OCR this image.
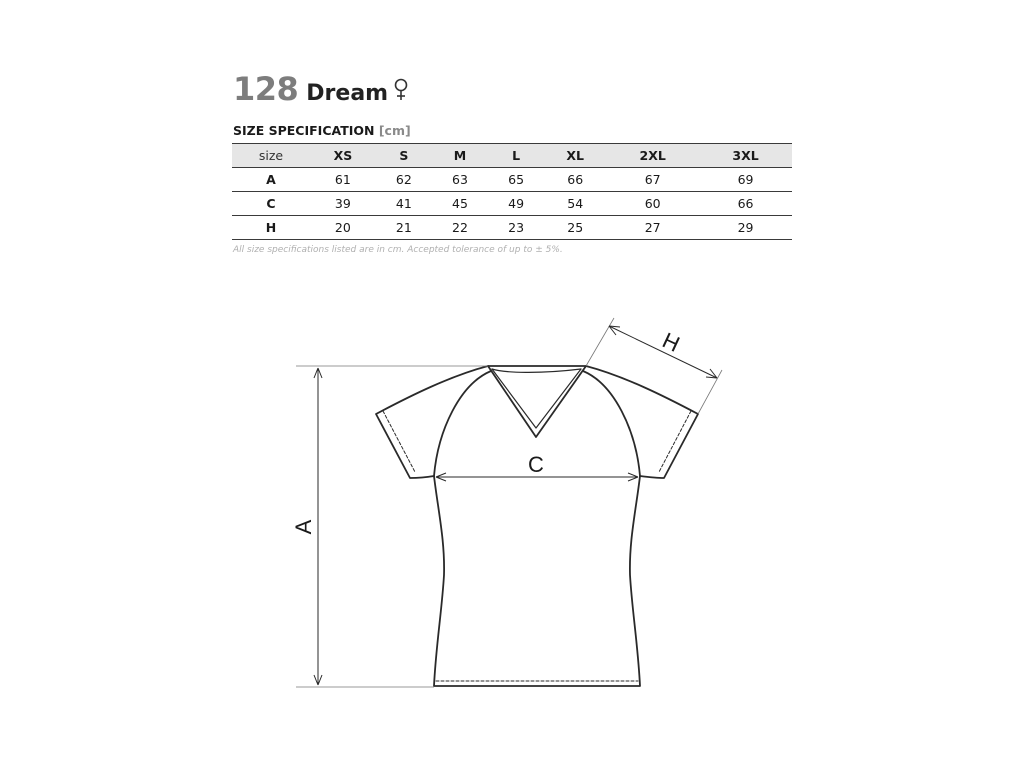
128 Dream
SIZE SPECIFICATION [cm]
size	XS	S	M	L	XL	2XL	3XL
A	61	62	63	65	66	67	69
C	39	41	45	49	54	60	66
H	20	21	22	23	25	27	29
All size specifications listed are in cm. Accepted tolerance of up to ± 5%.
A
C
H
